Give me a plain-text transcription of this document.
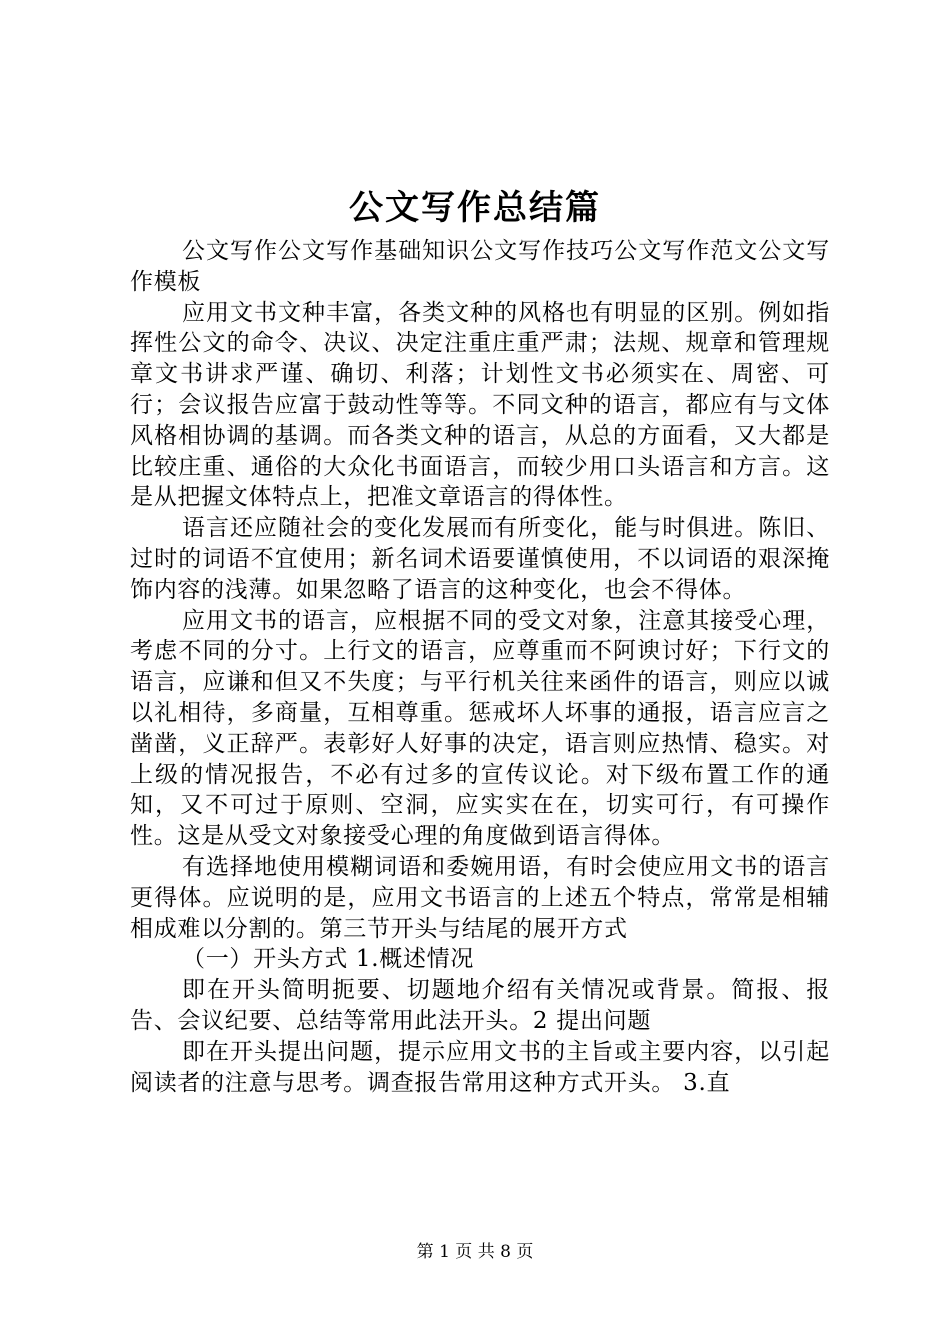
公文写作总结篇

公文写作公文写作基础知识公文写作技巧公文写作范文公文写作模板

应用文书文种丰富，各类文种的风格也有明显的区别。例如指挥性公文的命令、决议、决定注重庄重严肃；法规、规章和管理规章文书讲求严谨、确切、利落；计划性文书必须实在、周密、可行；会议报告应富于鼓动性等等。不同文种的语言，都应有与文体风格相协调的基调。而各类文种的语言，从总的方面看，又大都是比较庄重、通俗的大众化书面语言，而较少用口头语言和方言。这是从把握文体特点上，把准文章语言的得体性。

语言还应随社会的变化发展而有所变化，能与时俱进。陈旧、过时的词语不宜使用；新名词术语要谨慎使用，不以词语的艰深掩饰内容的浅薄。如果忽略了语言的这种变化，也会不得体。

应用文书的语言，应根据不同的受文对象，注意其接受心理，考虑不同的分寸。上行文的语言，应尊重而不阿谀讨好；下行文的语言，应谦和但又不失度；与平行机关往来函件的语言，则应以诚以礼相待，多商量，互相尊重。惩戒坏人坏事的通报，语言应言之凿凿，义正辞严。表彰好人好事的决定，语言则应热情、稳实。对上级的情况报告，不必有过多的宣传议论。对下级布置工作的通知，又不可过于原则、空洞，应实实在在，切实可行，有可操作性。这是从受文对象接受心理的角度做到语言得体。

有选择地使用模糊词语和委婉用语，有时会使应用文书的语言更得体。应说明的是，应用文书语言的上述五个特点，常常是相辅相成难以分割的。第三节开头与结尾的展开方式

（一）开头方式 1.概述情况

即在开头简明扼要、切题地介绍有关情况或背景。简报、报告、会议纪要、总结等常用此法开头。2 提出问题

即在开头提出问题，提示应用文书的主旨或主要内容，以引起阅读者的注意与思考。调查报告常用这种方式开头。 3.直

第 1 页 共 8 页
